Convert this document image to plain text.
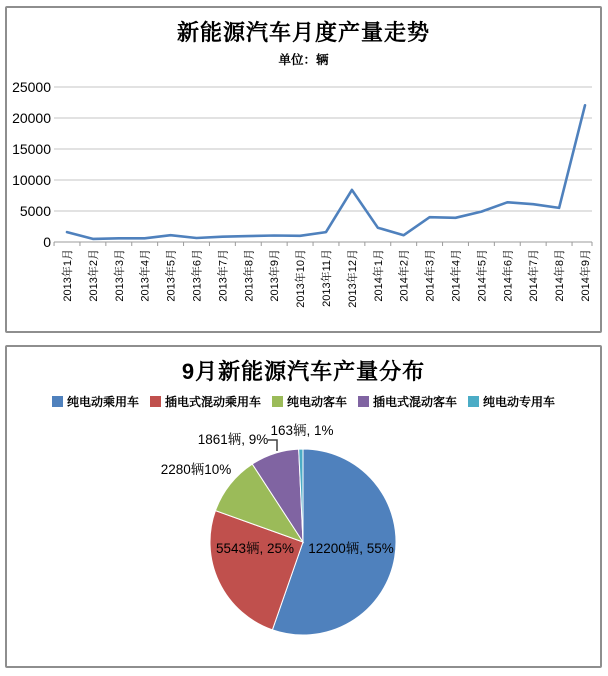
新能源汽车月度产量走势
单位：辆
0
5000
10000
15000
20000
25000
2013年1月 2013年2月 2013年3月 2013年4月 2013年5月 2013年6月 2013年7月 2013年8月 2013年9月 2013年10月 2013年11月 2013年12月 2014年1月 2014年2月 2014年3月 2014年4月 2014年5月 2014年6月 2014年7月 2014年8月 2014年9月
9月新能源汽车产量分布
纯电动乘用车 插电式混动乘用车 纯电动客车 插电式混动客车 纯电动专用车
12200辆, 55%
5543辆, 25%
2280辆10%
1861辆, 9%
163辆, 1%
